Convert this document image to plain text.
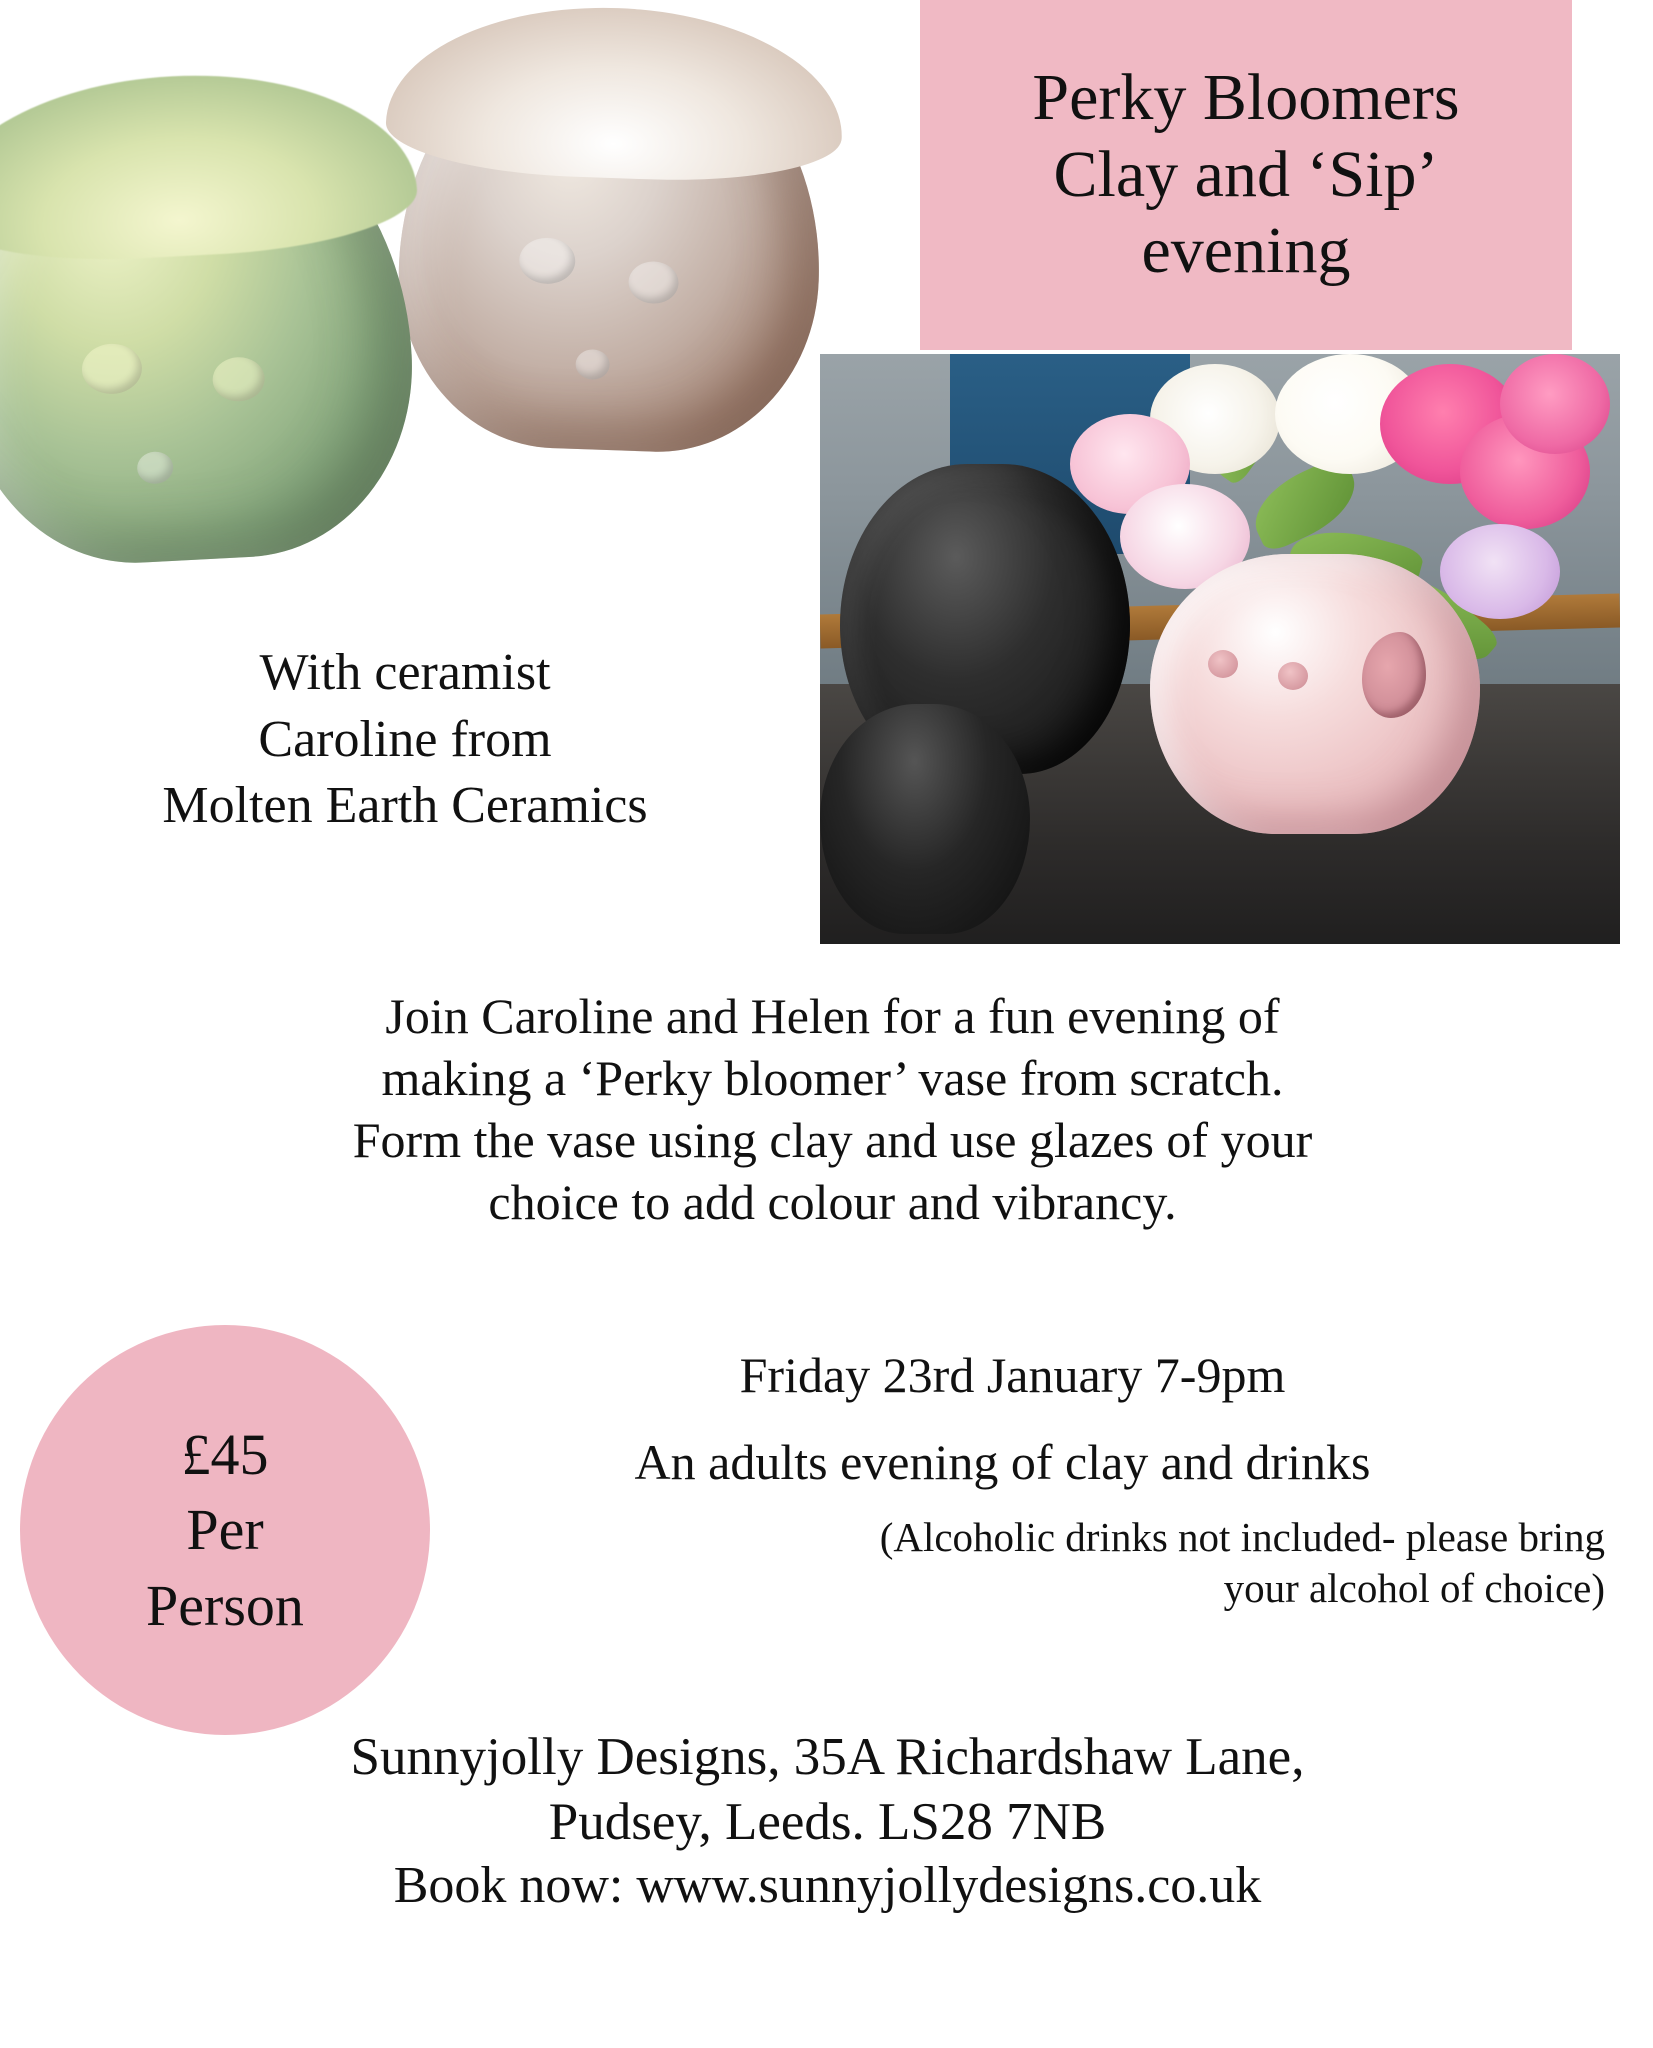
Perky Bloomers
Clay and ‘Sip’
evening
With ceramist
Caroline from
Molten Earth Ceramics
Join Caroline and Helen for a fun evening of
making a ‘Perky bloomer’ vase from scratch.
Form the vase using clay and use glazes of your
choice to add colour and vibrancy.
£45
Per
Person
Friday 23rd January 7-9pm
An adults evening of clay and drinks
(Alcoholic drinks not included- please bring
your alcohol of choice)
Sunnyjolly Designs, 35A Richardshaw Lane,
Pudsey, Leeds. LS28 7NB
Book now: www.sunnyjollydesigns.co.uk
